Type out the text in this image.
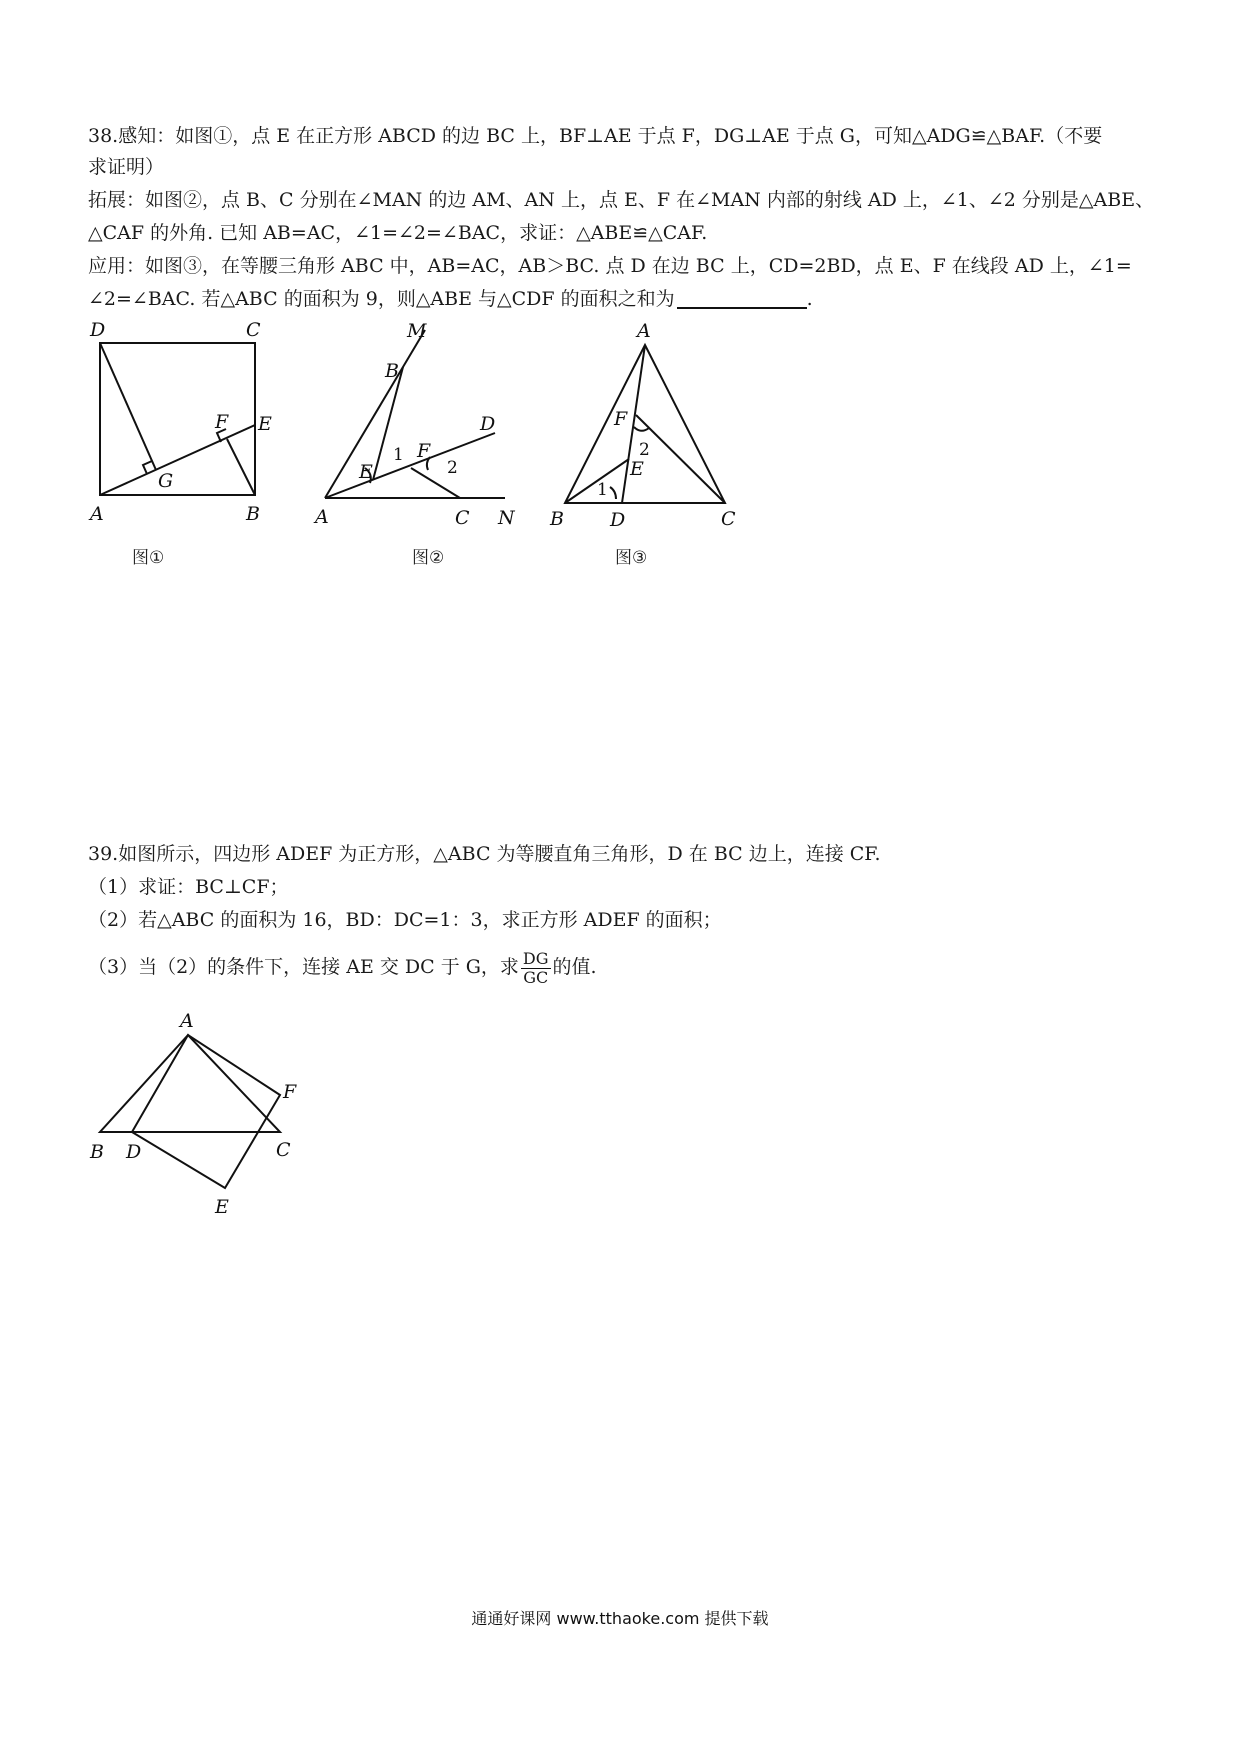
38.感知：如图①，点 E 在正方形 ABCD 的边 BC 上，BF⊥AE 于点 F，DG⊥AE 于点 G，可知△ADG≌△BAF.（不要
求证明）
拓展：如图②，点 B、C 分别在∠MAN 的边 AM、AN 上，点 E、F 在∠MAN 内部的射线 AD 上，∠1、∠2 分别是△ABE、
△CAF 的外角. 已知 AB=AC，∠1=∠2=∠BAC，求证：△ABE≌△CAF.
应用：如图③，在等腰三角形 ABC 中，AB=AC，AB＞BC. 点 D 在边 BC 上，CD=2BD，点 E、F 在线段 AD 上，∠1=
∠2=∠BAC. 若△ABC 的面积为 9，则△ABE 与△CDF 的面积之和为	.
D	C
F E
G
A	B
图①
M
B
D
F
1
2
E
A	C N
图②
A
F
2
E
1
B D	C
图③
39.如图所示，四边形 ADEF 为正方形，△ABC 为等腰直角三角形，D 在 BC 边上，连接 CF.
（1）求证：BC⊥CF；
（2）若△ABC 的面积为 16，BD：DC=1：3，求正方形 ADEF 的面积；
（3）当（2）的条件下，连接 AE 交 DC 于 G，求 $\frac{DG}{GC}$ 的值.
A
F
B D	C
E
通通好课网 www.tthaoke.com 提供下载
